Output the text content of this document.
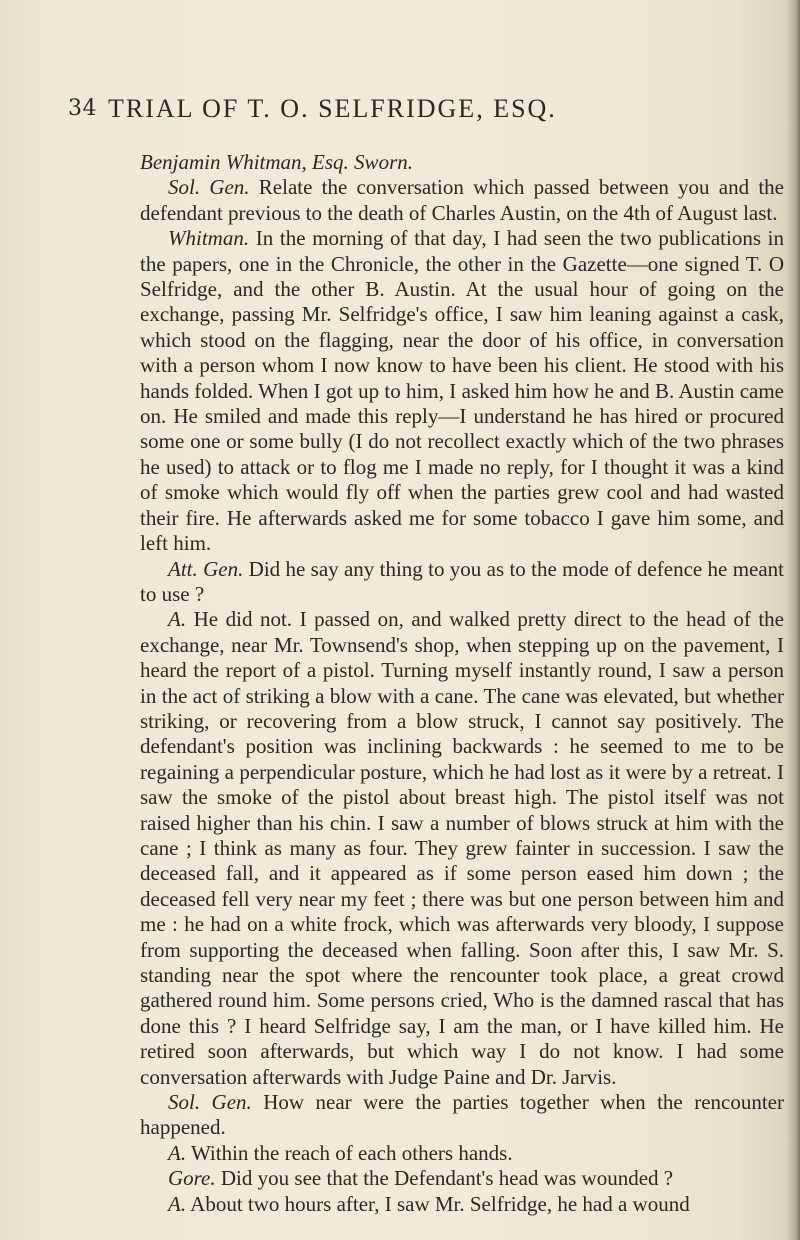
34 TRIAL OF T. O. SELFRIDGE, ESQ.

Benjamin Whitman, Esq. Sworn.

Sol. Gen. Relate the conversation which passed between you and the defendant previous to the death of Charles Austin, on the 4th of August last.

Whitman. In the morning of that day, I had seen the two publications in the papers, one in the Chronicle, the other in the Gazette—one signed T. O Selfridge, and the other B. Austin. At the usual hour of going on the exchange, passing Mr. Selfridge's office, I saw him leaning against a cask, which stood on the flagging, near the door of his office, in conversation with a person whom I now know to have been his client. He stood with his hands folded. When I got up to him, I asked him how he and B. Austin came on. He smiled and made this reply—I understand he has hired or procured some one or some bully (I do not recollect exactly which of the two phrases he used) to attack or to flog me I made no reply, for I thought it was a kind of smoke which would fly off when the parties grew cool and had wasted their fire. He afterwards asked me for some tobacco I gave him some, and left him.

Att. Gen. Did he say any thing to you as to the mode of defence he meant to use ?

A. He did not. I passed on, and walked pretty direct to the head of the exchange, near Mr. Townsend's shop, when stepping up on the pavement, I heard the report of a pistol. Turning myself instantly round, I saw a person in the act of striking a blow with a cane. The cane was elevated, but whether striking, or recovering from a blow struck, I cannot say positively. The defendant's position was inclining backwards : he seemed to me to be regaining a perpendicular posture, which he had lost as it were by a retreat. I saw the smoke of the pistol about breast high. The pistol itself was not raised higher than his chin. I saw a number of blows struck at him with the cane ; I think as many as four. They grew fainter in succession. I saw the deceased fall, and it appeared as if some person eased him down ; the deceased fell very near my feet ; there was but one person between him and me : he had on a white frock, which was afterwards very bloody, I suppose from supporting the deceased when falling. Soon after this, I saw Mr. S. standing near the spot where the rencounter took place, a great crowd gathered round him. Some persons cried, Who is the damned rascal that has done this ? I heard Selfridge say, I am the man, or I have killed him. He retired soon afterwards, but which way I do not know. I had some conversation afterwards with Judge Paine and Dr. Jarvis.

Sol. Gen. How near were the parties together when the rencounter happened.

A. Within the reach of each others hands.

Gore. Did you see that the Defendant's head was wounded ?

A. About two hours after, I saw Mr. Selfridge, he had a wound
